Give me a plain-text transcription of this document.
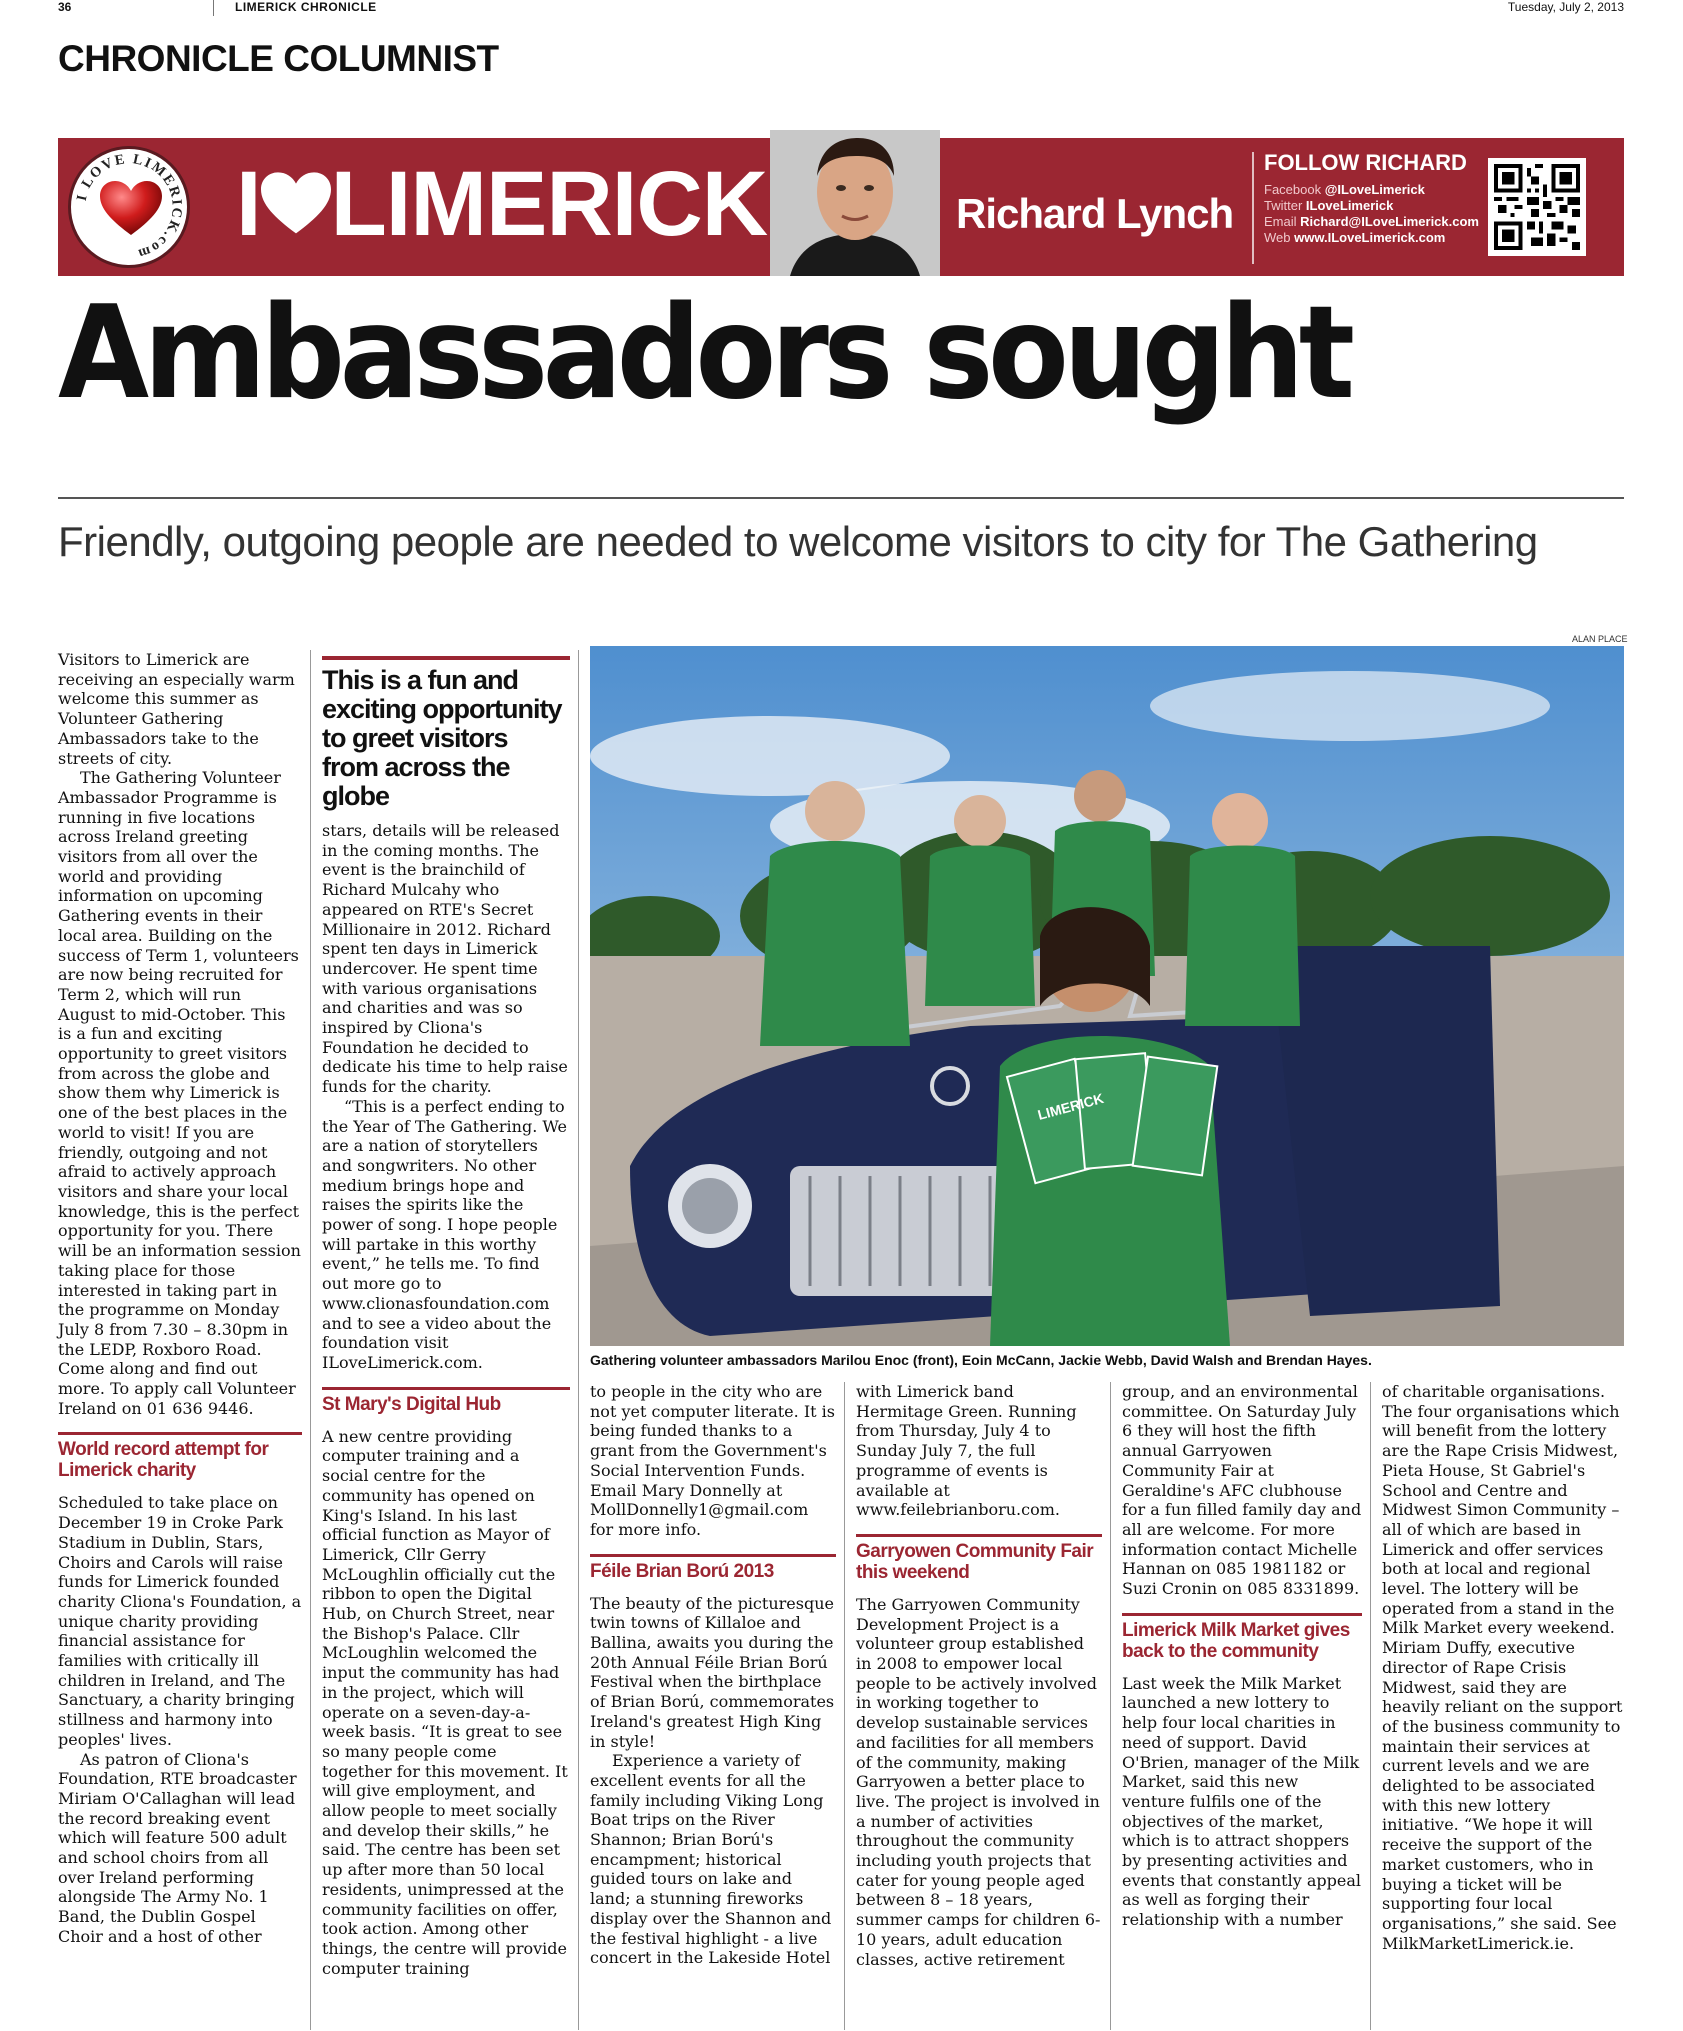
36	LIMERICK CHRONICLE	Tuesday, July 2, 2013
CHRONICLE COLUMNIST
I LOVE LIMERICK.com I LIMERICK	Richard Lynch
FOLLOW RICHARD
Facebook @ILoveLimerick
Twitter ILoveLimerick
Email Richard@ILoveLimerick.com
Web www.ILoveLimerick.com
Ambassadors sought
Friendly, outgoing people are needed to welcome visitors to city for The Gathering

Visitors to Limerick are receiving an especially warm welcome this summer as Volunteer Gathering Ambassadors take to the streets of city.

The Gathering Volunteer Ambassador Programme is running in five locations across Ireland greeting visitors from all over the world and providing information on upcoming Gathering events in their local area. Building on the success of Term 1, volunteers are now being recruited for Term 2, which will run August to mid-October. This is a fun and exciting opportunity to greet visitors from across the globe and show them why Limerick is one of the best places in the world to visit! If you are friendly, outgoing and not afraid to actively approach visitors and share your local knowledge, this is the perfect opportunity for you. There will be an information session taking place for those interested in taking part in the programme on Monday July 8 from 7.30 – 8.30pm in the LEDP, Roxboro Road. Come along and find out more. To apply call Volunteer Ireland on 01 636 9446.

World record attempt for Limerick charity

Scheduled to take place on December 19 in Croke Park Stadium in Dublin, Stars, Choirs and Carols will raise funds for Limerick founded charity Cliona's Foundation, a unique charity providing financial assistance for families with critically ill children in Ireland, and The Sanctuary, a charity bringing stillness and harmony into peoples' lives.

As patron of Cliona's Foundation, RTE broadcaster Miriam O'Callaghan will lead the record breaking event which will feature 500 adult and school choirs from all over Ireland performing alongside The Army No. 1 Band, the Dublin Gospel Choir and a host of other

This is a fun and exciting opportunity to greet visitors from across the globe

stars, details will be released in the coming months. The event is the brainchild of Richard Mulcahy who appeared on RTE's Secret Millionaire in 2012. Richard spent ten days in Limerick undercover. He spent time with various organisations and charities and was so inspired by Cliona's Foundation he decided to dedicate his time to help raise funds for the charity.

“This is a perfect ending to the Year of The Gathering. We are a nation of storytellers and songwriters. No other medium brings hope and raises the spirits like the power of song. I hope people will partake in this worthy event,” he tells me. To find out more go to www.clionasfoundation.com and to see a video about the foundation visit ILoveLimerick.com.

St Mary's Digital Hub

A new centre providing computer training and a social centre for the community has opened on King's Island. In his last official function as Mayor of Limerick, Cllr Gerry McLoughlin officially cut the ribbon to open the Digital Hub, on Church Street, near the Bishop's Palace. Cllr McLoughlin welcomed the input the community has had in the project, which will operate on a seven-day-a-week basis. “It is great to see so many people come together for this movement. It will give employment, and allow people to meet socially and develop their skills,” he said. The centre has been set up after more than 50 local residents, unimpressed at the community facilities on offer, took action. Among other things, the centre will provide computer training

ALAN PLACE
LIMERICK
Gathering volunteer ambassadors Marilou Enoc (front), Eoin McCann, Jackie Webb, David Walsh and Brendan Hayes.

to people in the city who are not yet computer literate. It is being funded thanks to a grant from the Government's Social Intervention Funds. Email Mary Donnelly at MollDonnelly1@gmail.com for more info.

Féile Brian Ború 2013

The beauty of the picturesque twin towns of Killaloe and Ballina, awaits you during the 20th Annual Féile Brian Ború Festival when the birthplace of Brian Ború, commemorates Ireland's greatest High King in style!

Experience a variety of excellent events for all the family including Viking Long Boat trips on the River Shannon; Brian Ború's encampment; historical guided tours on lake and land; a stunning fireworks display over the Shannon and the festival highlight - a live concert in the Lakeside Hotel

with Limerick band Hermitage Green. Running from Thursday, July 4 to Sunday July 7, the full programme of events is available at www.feilebrianboru.com.

Garryowen Community Fair this weekend

The Garryowen Community Development Project is a volunteer group established in 2008 to empower local people to be actively involved in working together to develop sustainable services and facilities for all members of the community, making Garryowen a better place to live. The project is involved in a number of activities throughout the community including youth projects that cater for young people aged between 8 – 18 years, summer camps for children 6-10 years, adult education classes, active retirement

group, and an environmental committee. On Saturday July 6 they will host the fifth annual Garryowen Community Fair at Geraldine's AFC clubhouse for a fun filled family day and all are welcome. For more information contact Michelle Hannan on 085 1981182 or Suzi Cronin on 085 8331899.

Limerick Milk Market gives back to the community

Last week the Milk Market launched a new lottery to help four local charities in need of support. David O'Brien, manager of the Milk Market, said this new venture fulfils one of the objectives of the market, which is to attract shoppers by presenting activities and events that constantly appeal as well as forging their relationship with a number

of charitable organisations. The four organisations which will benefit from the lottery are the Rape Crisis Midwest, Pieta House, St Gabriel's School and Centre and Midwest Simon Community – all of which are based in Limerick and offer services both at local and regional level. The lottery will be operated from a stand in the Milk Market every weekend. Miriam Duffy, executive director of Rape Crisis Midwest, said they are heavily reliant on the support of the business community to maintain their services at current levels and we are delighted to be associated with this new lottery initiative. “We hope it will receive the support of the market customers, who in buying a ticket will be supporting four local organisations,” she said. See MilkMarketLimerick.ie.
